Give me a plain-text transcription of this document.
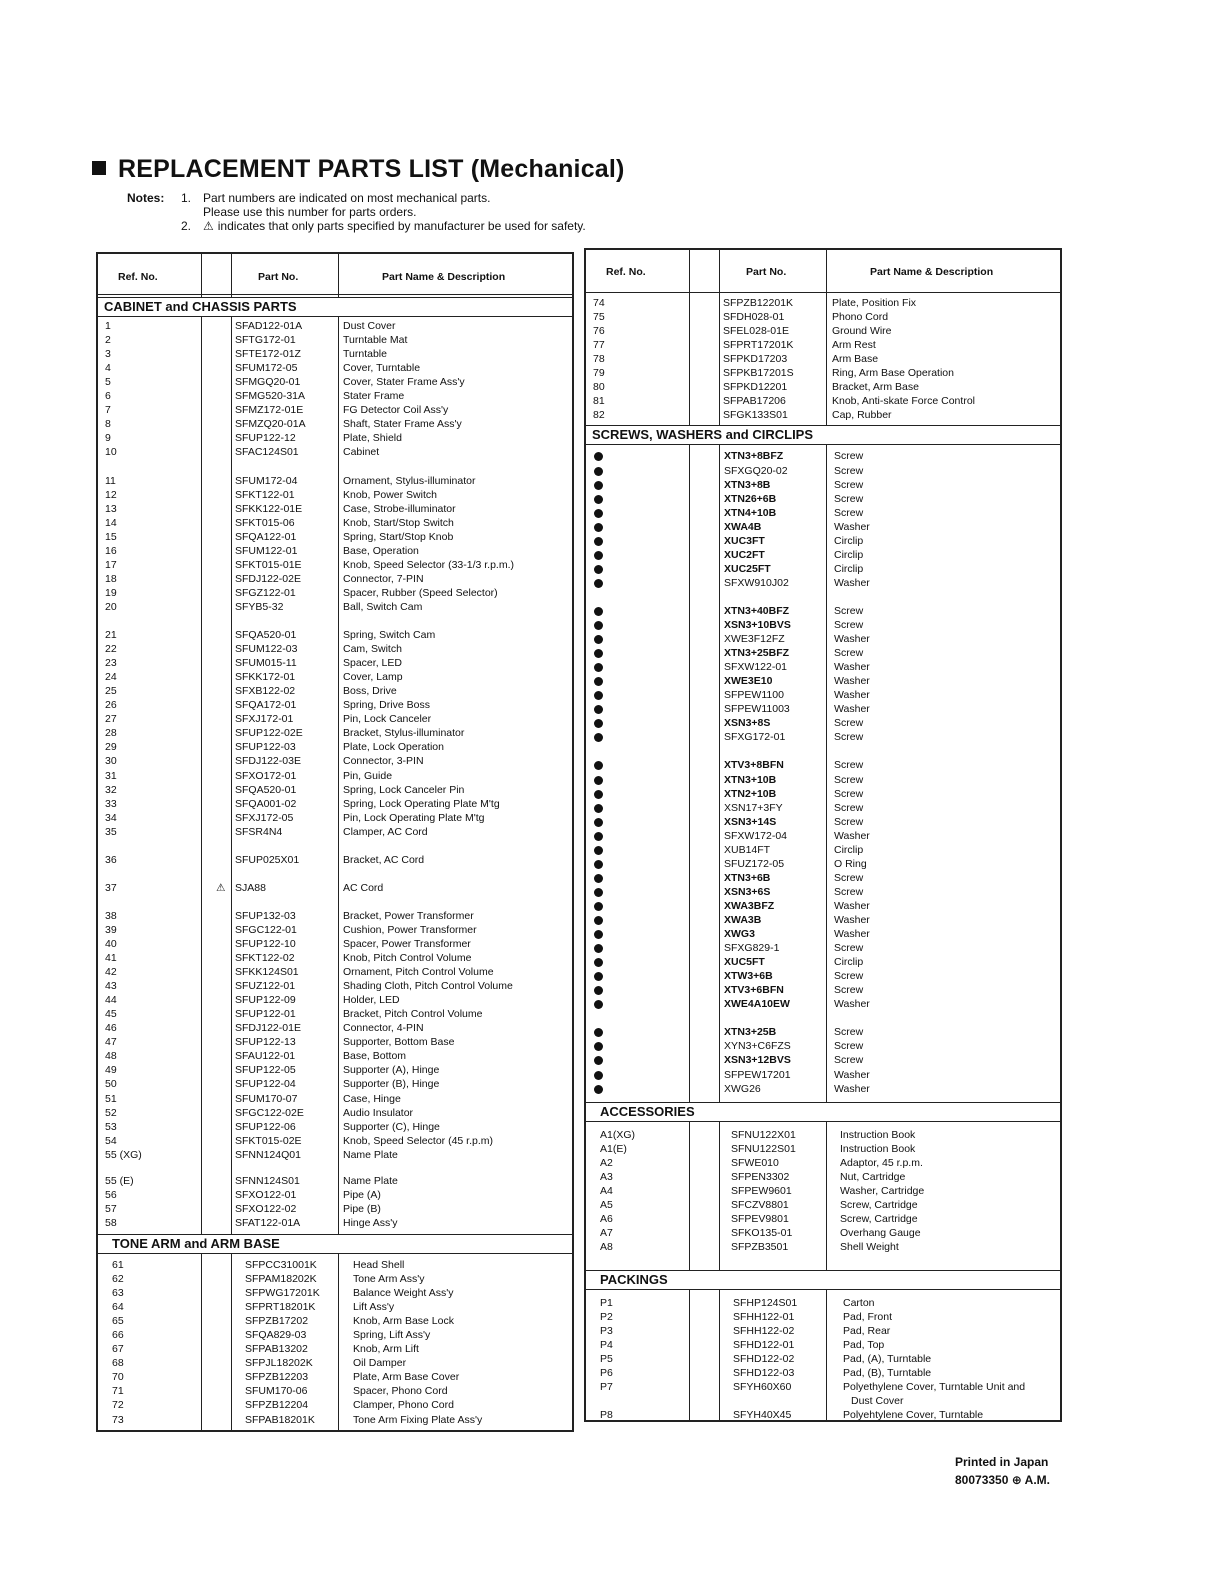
REPLACEMENT PARTS LIST (Mechanical)
Notes: 1. Part numbers are indicated on most mechanical parts.
Please use this number for parts orders.
2. ⚠ indicates that only parts specified by manufacturer be used for safety.
Ref. No.	Part No.	Part Name & Description
CABINET and CHASSIS PARTS
1	SFAD122-01A	Dust Cover
2	SFTG172-01	Turntable Mat
3	SFTE172-01Z	Turntable
4	SFUM172-05	Cover, Turntable
5	SFMGQ20-01	Cover, Stater Frame Ass'y
6	SFMG520-31A	Stater Frame
7	SFMZ172-01E	FG Detector Coil Ass'y
8	SFMZQ20-01A	Shaft, Stater Frame Ass'y
9	SFUP122-12	Plate, Shield
10	SFAC124S01	Cabinet
11	SFUM172-04	Ornament, Stylus-illuminator
12	SFKT122-01	Knob, Power Switch
13	SFKK122-01E	Case, Strobe-illuminator
14	SFKT015-06	Knob, Start/Stop Switch
15	SFQA122-01	Spring, Start/Stop Knob
16	SFUM122-01	Base, Operation
17	SFKT015-01E	Knob, Speed Selector (33-1/3 r.p.m.)
18	SFDJ122-02E	Connector, 7-PIN
19	SFGZ122-01	Spacer, Rubber (Speed Selector)
20	SFYB5-32	Ball, Switch Cam
21	SFQA520-01	Spring, Switch Cam
22	SFUM122-03	Cam, Switch
23	SFUM015-11	Spacer, LED
24	SFKK172-01	Cover, Lamp
25	SFXB122-02	Boss, Drive
26	SFQA172-01	Spring, Drive Boss
27	SFXJ172-01	Pin, Lock Canceler
28	SFUP122-02E	Bracket, Stylus-illuminator
29	SFUP122-03	Plate, Lock Operation
30	SFDJ122-03E	Connector, 3-PIN
31	SFXO172-01	Pin, Guide
32	SFQA520-01	Spring, Lock Canceler Pin
33	SFQA001-02	Spring, Lock Operating Plate M'tg
34	SFXJ172-05	Pin, Lock Operating Plate M'tg
35	SFSR4N4	Clamper, AC Cord
36	SFUP025X01	Bracket, AC Cord
37	⚠ SJA88	AC Cord
38	SFUP132-03	Bracket, Power Transformer
39	SFGC122-01	Cushion, Power Transformer
40	SFUP122-10	Spacer, Power Transformer
41	SFKT122-02	Knob, Pitch Control Volume
42	SFKK124S01	Ornament, Pitch Control Volume
43	SFUZ122-01	Shading Cloth, Pitch Control Volume
44	SFUP122-09	Holder, LED
45	SFUP122-01	Bracket, Pitch Control Volume
46	SFDJ122-01E	Connector, 4-PIN
47	SFUP122-13	Supporter, Bottom Base
48	SFAU122-01	Base, Bottom
49	SFUP122-05	Supporter (A), Hinge
50	SFUP122-04	Supporter (B), Hinge
51	SFUM170-07	Case, Hinge
52	SFGC122-02E	Audio Insulator
53	SFUP122-06	Supporter (C), Hinge
54	SFKT015-02E	Knob, Speed Selector (45 r.p.m)
55 (XG)	SFNN124Q01	Name Plate
55 (E)	SFNN124S01	Name Plate
56	SFXO122-01	Pipe (A)
57	SFXO122-02	Pipe (B)
58	SFAT122-01A	Hinge Ass'y
TONE ARM and ARM BASE
61	SFPCC31001K	Head Shell
62	SFPAM18202K	Tone Arm Ass'y
63	SFPWG17201K	Balance Weight Ass'y
64	SFPRT18201K	Lift Ass'y
65	SFPZB17202	Knob, Arm Base Lock
66	SFQA829-03	Spring, Lift Ass'y
67	SFPAB13202	Knob, Arm Lift
68	SFPJL18202K	Oil Damper
70	SFPZB12203	Plate, Arm Base Cover
71	SFUM170-06	Spacer, Phono Cord
72	SFPZB12204	Clamper, Phono Cord
73	SFPAB18201K	Tone Arm Fixing Plate Ass'y
Ref. No.	Part No.	Part Name & Description
74	SFPZB12201K	Plate, Position Fix
75	SFDH028-01	Phono Cord
76	SFEL028-01E	Ground Wire
77	SFPRT17201K	Arm Rest
78	SFPKD17203	Arm Base
79	SFPKB17201S	Ring, Arm Base Operation
80	SFPKD12201	Bracket, Arm Base
81	SFPAB17206	Knob, Anti-skate Force Control
82	SFGK133S01	Cap, Rubber
SCREWS, WASHERS and CIRCLIPS
XTN3+8BFZ	Screw
SFXGQ20-02	Screw
XTN3+8B	Screw
XTN26+6B	Screw
XTN4+10B	Screw
XWA4B	Washer
XUC3FT	Circlip
XUC2FT	Circlip
XUC25FT	Circlip
SFXW910J02	Washer
XTN3+40BFZ	Screw
XSN3+10BVS	Screw
XWE3F12FZ	Washer
XTN3+25BFZ	Screw
SFXW122-01	Washer
XWE3E10	Washer
SFPEW1100	Washer
SFPEW11003	Washer
XSN3+8S	Screw
SFXG172-01	Screw
XTV3+8BFN	Screw
XTN3+10B	Screw
XTN2+10B	Screw
XSN17+3FY	Screw
XSN3+14S	Screw
SFXW172-04	Washer
XUB14FT	Circlip
SFUZ172-05	O Ring
XTN3+6B	Screw
XSN3+6S	Screw
XWA3BFZ	Washer
XWA3B	Washer
XWG3	Washer
SFXG829-1	Screw
XUC5FT	Circlip
XTW3+6B	Screw
XTV3+6BFN	Screw
XWE4A10EW	Washer
XTN3+25B	Screw
XYN3+C6FZS	Screw
XSN3+12BVS	Screw
SFPEW17201	Washer
XWG26	Washer
ACCESSORIES
A1(XG)	SFNU122X01	Instruction Book
A1(E)	SFNU122S01	Instruction Book
A2	SFWE010	Adaptor, 45 r.p.m.
A3	SFPEN3302	Nut, Cartridge
A4	SFPEW9601	Washer, Cartridge
A5	SFCZV8801	Screw, Cartridge
A6	SFPEV9801	Screw, Cartridge
A7	SFKO135-01	Overhang Gauge
A8	SFPZB3501	Shell Weight
PACKINGS
P1	SFHP124S01	Carton
P2	SFHH122-01	Pad, Front
P3	SFHH122-02	Pad, Rear
P4	SFHD122-01	Pad, Top
P5	SFHD122-02	Pad, (A), Turntable
P6	SFHD122-03	Pad, (B), Turntable
P7	SFYH60X60	Polyethylene Cover, Turntable Unit and
Dust Cover
P8	SFYH40X45	Polyehtylene Cover, Turntable
Printed in Japan
80073350 ⊕ A.M.
